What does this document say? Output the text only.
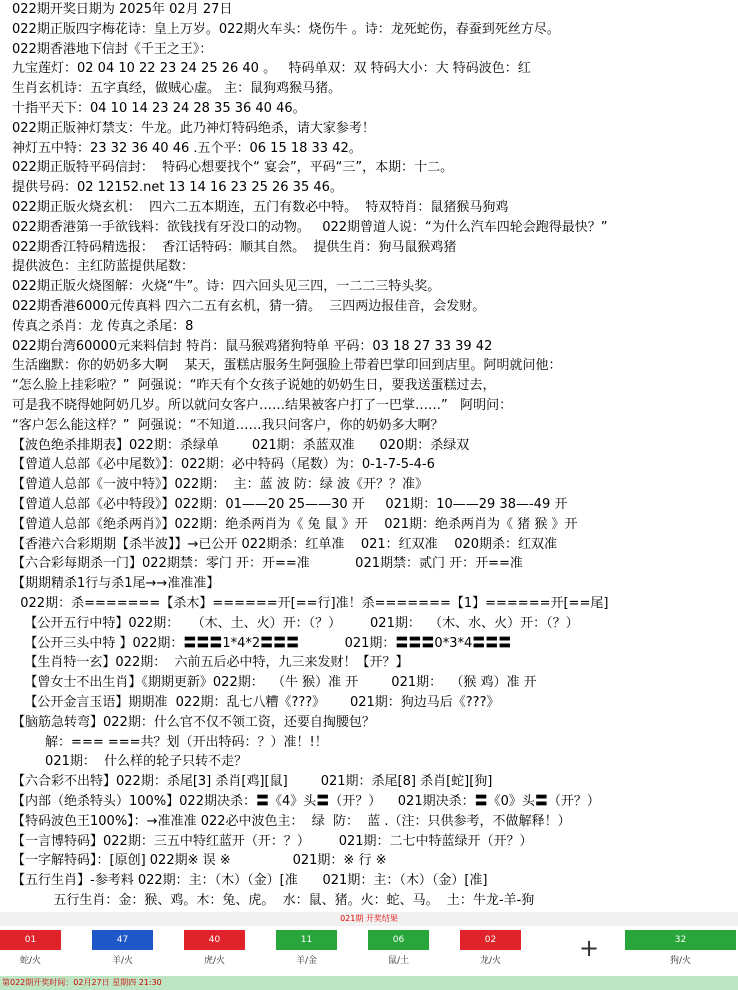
022期开奖日期为 2025年 02月 27日
022期正版四字梅花诗：皇上万岁。022期火车头：烧伤牛 。诗：龙死蛇伤，春蚕到死丝方尽。
022期香港地下信封《千王之王》：
九宝莲灯：02 04 10 22 23 24 25 26 40 。   特码单双：双 特码大小：大 特码波色：红
生肖玄机诗：五字真经，做贼心虚。 主：鼠狗鸡猴马猪。
十指平天下：04 10 14 23 24 28 35 36 40 46。
022期正版神灯禁支：牛龙。此乃神灯特码绝杀，请大家参考！
神灯五中特：23 32 36 40 46 .五个平：06 15 18 33 42。
022期正版特平码信封：  特码心想要找个“ 宴会”，平码“三”，本期：十二。
提供号码：02 12152.net 13 14 16 23 25 26 35 46。
022期正版火烧玄机：  四六二五本期连，五门有数必中特。  特双特肖：鼠猪猴马狗鸡
022期香港第一手欲钱料：欲钱找有牙没口的动物。   022期曾道人说：“为什么汽车四轮会跑得最快？”
022期香江特码精选报：  香江话特码：顺其自然。  提供生肖：狗马鼠猴鸡猪
提供波色：主红防蓝提供尾数：
022期正版火烧图解：火烧“牛”。诗：四六回头见三四，一二二三特头奖。
022期香港6000元传真料 四六二五有玄机，猜一猜。  三四两边报佳音，会发财。
传真之杀肖：龙 传真之杀尾：8
022期台湾60000元来料信封 特肖：鼠马猴鸡猪狗特单 平码：03 18 27 33 39 42
生活幽默：你的奶奶多大啊    某天，蛋糕店服务生阿强脸上带着巴掌印回到店里。阿明就问他：
“怎么脸上挂彩啦？”  阿强说：“昨天有个女孩子说她的奶奶生日，要我送蛋糕过去，
可是我不晓得她阿奶几岁。所以就问女客户……结果被客户打了一巴掌……”   阿明问：
“客户怎么能这样？”  阿强说：“不知道……我只问客户，你的奶奶多大啊？
【波色绝杀排期表】022期：杀绿单        021期：杀蓝双准      020期：杀绿双
【曾道人总部《必中尾数》】：022期：必中特码（尾数）为：0-1-7-5-4-6
【曾道人总部《一波中特》】022期：  主：蓝 波 防：绿 波《开？？准》
【曾道人总部《必中特段》】022期：01——20 25——30 开     021期：10——29 38—-49 开
【曾道人总部《绝杀两肖》】022期：绝杀两肖为《 兔 鼠 》开    021期：绝杀两肖为《 猪 猴 》开
【香港六合彩期期【杀半波】】→已公开 022期杀：红单准    021：红双准    020期杀：红双准
【六合彩每期杀一门】022期禁：零门 开：开==准           021期禁：贰门 开：开==准
【期期精杀1行与杀1尾→→准准准】
022期：杀=======【杀木】======开[==行]准！杀=======【1】======开[==尾]
【公开五行中特】022期：   （木、土、火）开：（？）       021期：  （木、水、火）开：（？）
【公开三头中特 】022期：〓〓〓1*4*2〓〓〓           021期：〓〓〓0*3*4〓〓〓
【生肖特一玄】022期：  六前五后必中特，九三来发财！【开？】
【曾女士不出生肖】《期期更新》022期：  （牛 猴）准 开        021期：  （猴 鸡）准 开
【公开金言玉语】期期准  022期：乱七八糟《???》      021期：狗边马后《???》
【脑筋急转弯】022期：什么官不仅不领工资，还要自掏腰包？
解：=== ===共？划（开出特码：？）准！!！
021期：  什么样的轮子只转不走？
【六合彩不出特】022期：杀尾[3] 杀肖[鸡][鼠]        021期：杀尾[8] 杀肖[蛇][狗]
【内部（绝杀特头）100%】022期决杀：〓《4》头〓（开？）    021期决杀：〓《0》头〓（开？）
【特码波色王100%】：→准准准 022必中波色主：  绿  防：  蓝 .（注：只供参考，不做解释！）
【一言博特码】022期：三五中特红蓝开（开：？）       021期：二七中特蓝绿开（开？）
【一字解特码】：[原创] 022期※ 误 ※               021期：※ 行 ※
【五行生肖】-参考料 022期：主：（木）（金）[准      021期：主：（木）（金）[准]
五行生肖：金：猴、鸡。木：兔、虎。  水：鼠、猪。火：蛇、马。  土：牛龙-羊-狗
021期 开奖结果
01
蛇/火
47
羊/火
40
虎/火
11
羊/金
06
鼠/土
02
龙/火
32
狗/火
+
第022期开奖时间：02月27日 星期四 21:30
